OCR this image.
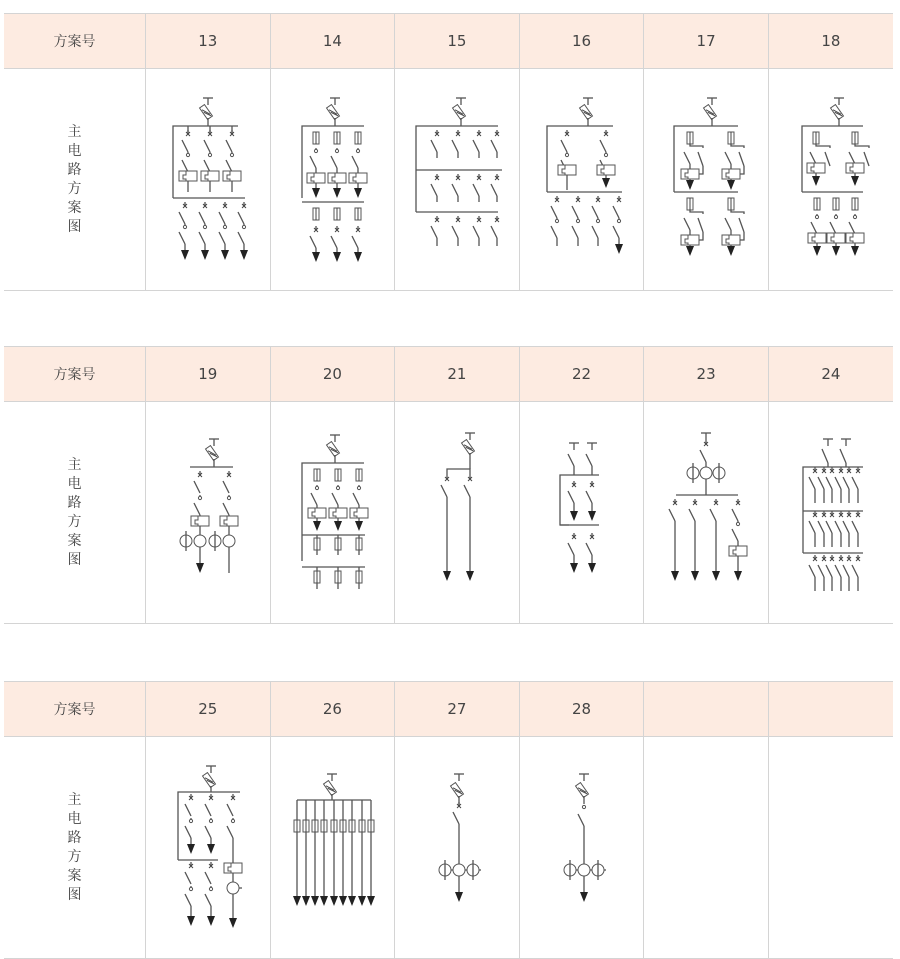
方案号	13	14	15	16	17	18
主电路方案图	

方案号	19	20	21	22	23	24
主电路方案图	

方案号	25	26	27	28		
主电路方案图	
